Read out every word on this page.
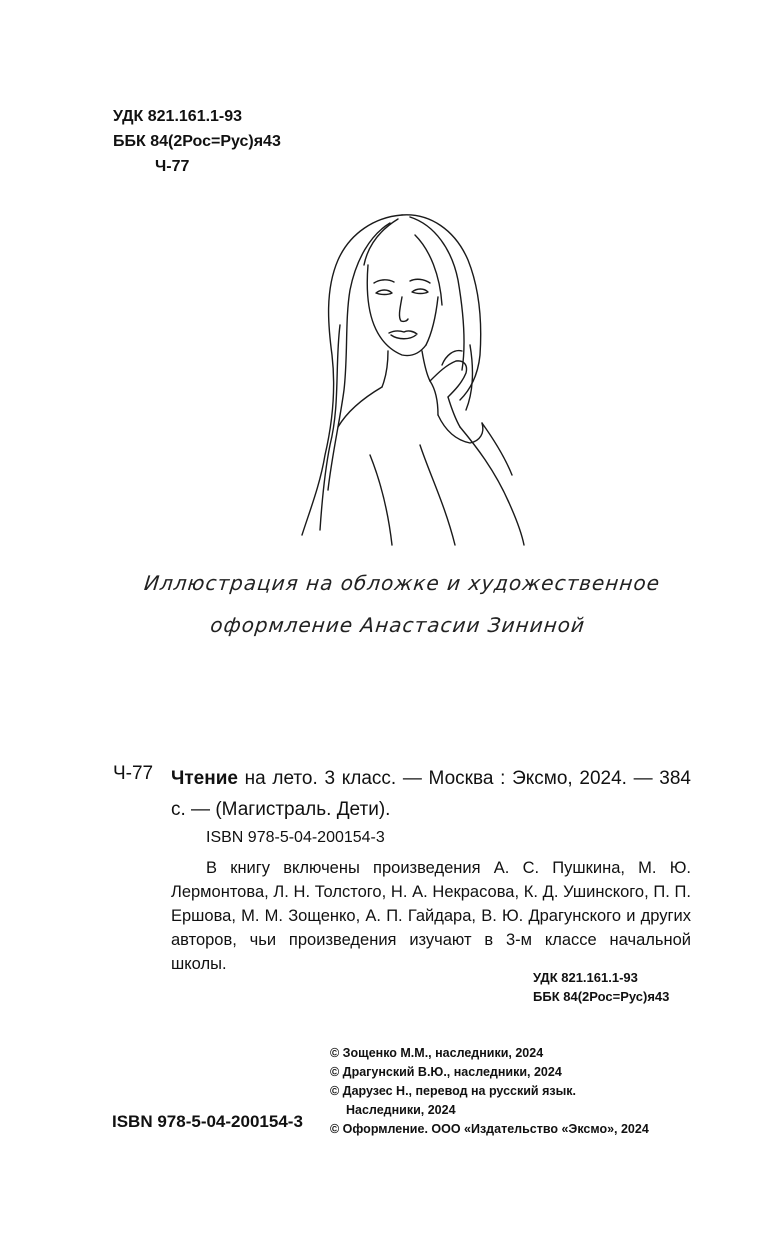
УДК 821.161.1-93
ББК 84(2Рос=Рус)я43
Ч-77
Иллюстрация на обложке и художественное
оформление Анастасии Зининой
Ч-77 Чтение на лето. 3 класс. — Москва : Эксмо, 2024. — 384 с. — (Магистраль. Дети).
ISBN 978-5-04-200154-3
В книгу включены произведения А. С. Пушкина, М. Ю. Лермонтова, Л. Н. Толстого, Н. А. Некрасова, К. Д. Ушинского, П. П. Ершова, М. М. Зощенко, А. П. Гайдара, В. Ю. Драгунского и других авторов, чьи произведения изучают в 3-м классе начальной школы.
УДК 821.161.1-93
ББК 84(2Рос=Рус)я43
© Зощенко М.М., наследники, 2024
© Драгунский В.Ю., наследники, 2024
© Дарузес Н., перевод на русский язык.
Наследники, 2024
© Оформление. ООО «Издательство «Эксмо», 2024
ISBN 978-5-04-200154-3
